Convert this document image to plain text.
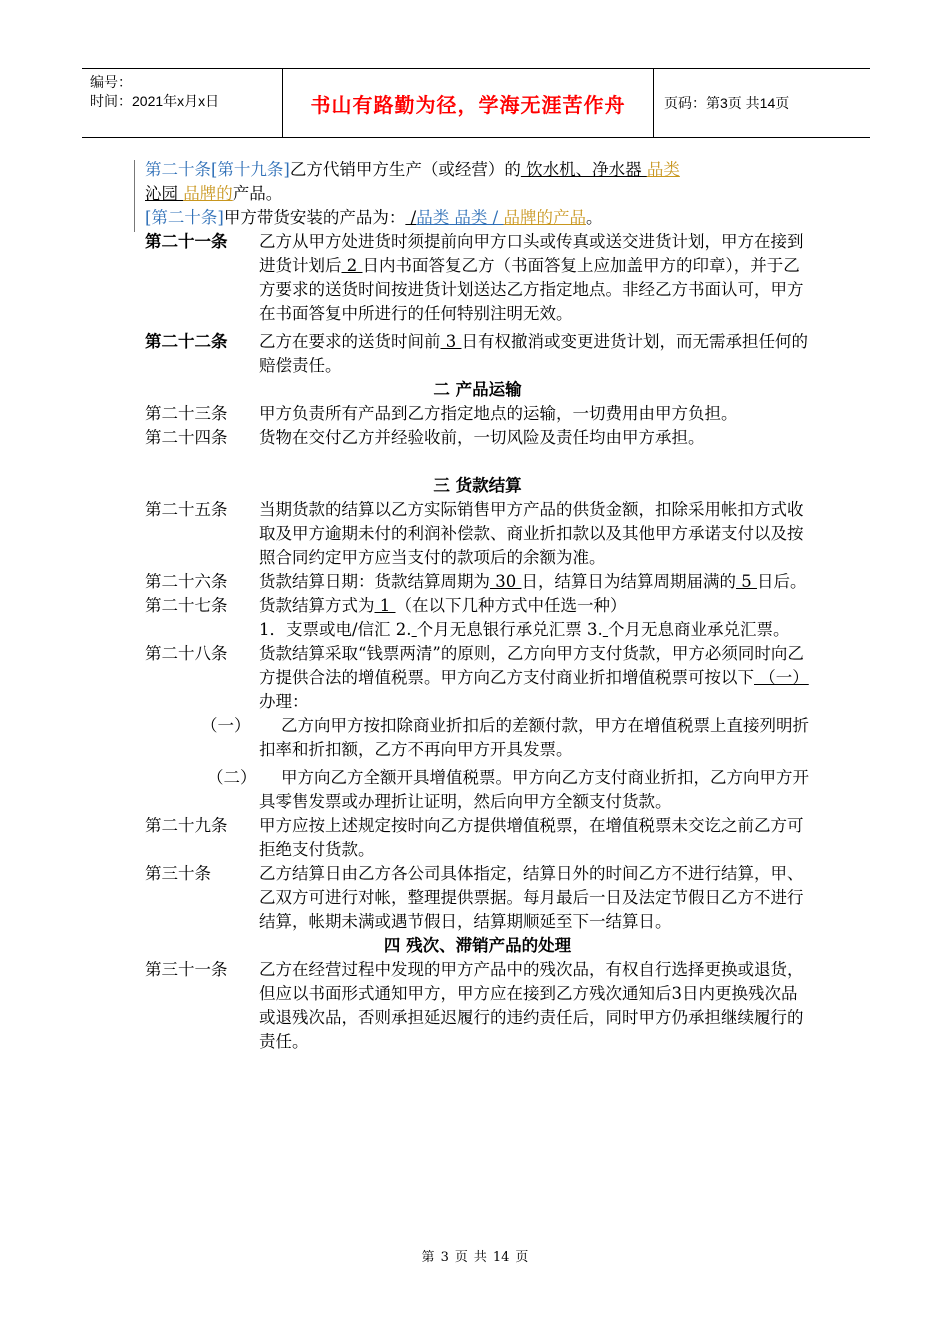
编号：
时间：2021年x月x日	书山有路勤为径，学海无涯苦作舟	页码：第3页 共14页
第二十条[第十九条]乙方代销甲方生产（或经营）的 饮水机、净水器 品类
沁园 品牌的产品。
[第二十条]甲方带货安装的产品为： /品类 品类 / 品牌的产品。
第二十一条	乙方从甲方处进货时须提前向甲方口头或传真或送交进货计划，甲方在接到进货计划后 2 日内书面答复乙方（书面答复上应加盖甲方的印章），并于乙方要求的送货时间按进货计划送达乙方指定地点。非经乙方书面认可，甲方在书面答复中所进行的任何特别注明无效。
第二十二条	乙方在要求的送货时间前 3 日有权撤消或变更进货计划，而无需承担任何的赔偿责任。
二 产品运输
第二十三条	甲方负责所有产品到乙方指定地点的运输，一切费用由甲方负担。
第二十四条	货物在交付乙方并经验收前，一切风险及责任均由甲方承担。
三 货款结算
第二十五条	当期货款的结算以乙方实际销售甲方产品的供货金额，扣除采用帐扣方式收取及甲方逾期未付的利润补偿款、商业折扣款以及其他甲方承诺支付以及按照合同约定甲方应当支付的款项后的余额为准。
第二十六条	货款结算日期：货款结算周期为 30 日，结算日为结算周期届满的 5 日后。
第二十七条	货款结算方式为 1 （在以下几种方式中任选一种）
1．支票或电/信汇 2. 个月无息银行承兑汇票 3. 个月无息商业承兑汇票。
第二十八条	货款结算采取“钱票两清”的原则，乙方向甲方支付货款，甲方必须同时向乙方提供合法的增值税票。甲方向乙方支付商业折扣增值税票可按以下 （一） 办理：
（一） 乙方向甲方按扣除商业折扣后的差额付款，甲方在增值税票上直接列明折扣率和折扣额，乙方不再向甲方开具发票。
（二） 甲方向乙方全额开具增值税票。甲方向乙方支付商业折扣，乙方向甲方开具零售发票或办理折让证明，然后向甲方全额支付货款。
第二十九条	甲方应按上述规定按时向乙方提供增值税票，在增值税票未交讫之前乙方可拒绝支付货款。
第三十条	乙方结算日由乙方各公司具体指定，结算日外的时间乙方不进行结算，甲、乙双方可进行对帐，整理提供票据。每月最后一日及法定节假日乙方不进行结算，帐期未满或遇节假日，结算期顺延至下一结算日。
四 残次、滞销产品的处理
第三十一条	乙方在经营过程中发现的甲方产品中的残次品，有权自行选择更换或退货，但应以书面形式通知甲方，甲方应在接到乙方残次通知后3日内更换残次品或退残次品，否则承担延迟履行的违约责任后，同时甲方仍承担继续履行的责任。
第 3 页 共 14 页
